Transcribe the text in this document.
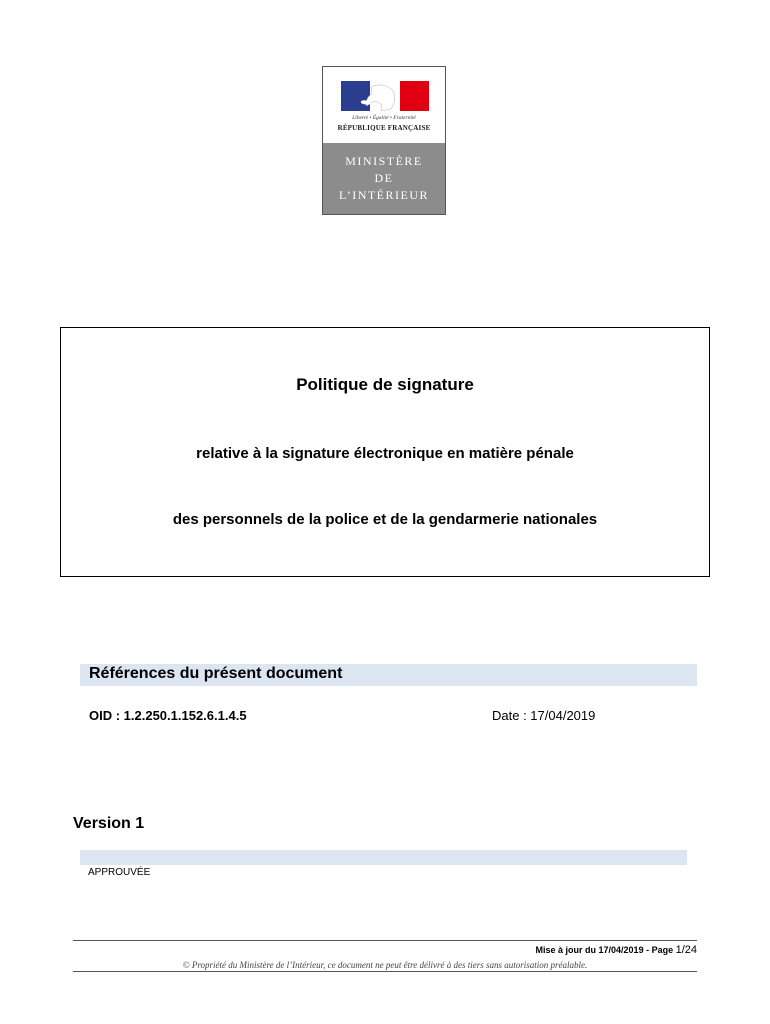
Liberté • Égalité • Fraternité
RÉPUBLIQUE FRANÇAISE
MINISTÈRE
DE
L’INTÉRIEUR
Politique de signature
relative à la signature électronique en matière pénale
des personnels de la police et de la gendarmerie nationales
Références du présent document
OID : 1.2.250.1.152.6.1.4.5	Date : 17/04/2019
Version 1
APPROUVÉE
Mise à jour du 17/04/2019 - Page 1/24
© Propriété du Ministère de l’Intérieur, ce document ne peut être délivré à des tiers sans autorisation préalable.
